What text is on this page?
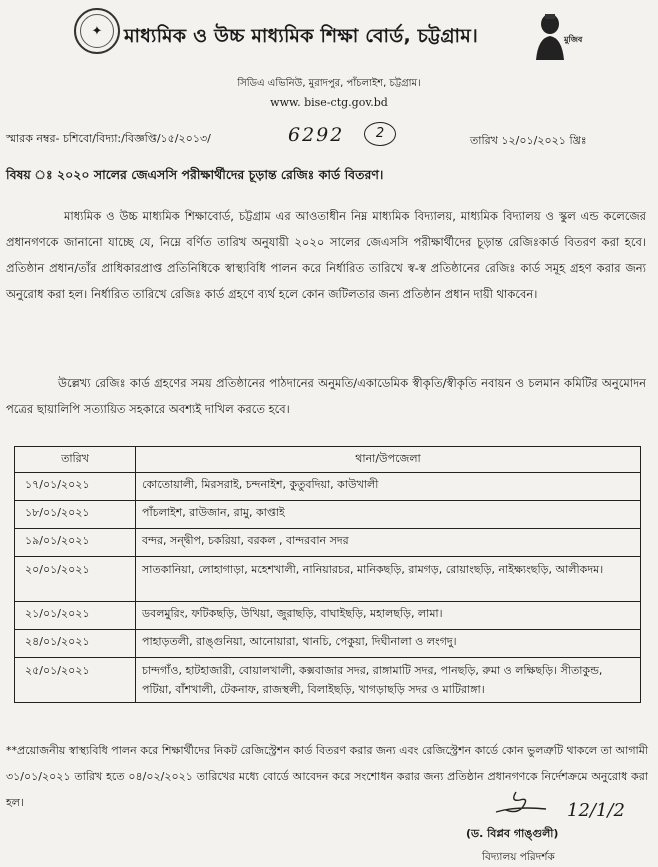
✦	মাধ্যমিক ও উচ্চ মাধ্যমিক শিক্ষা বোর্ড, চট্টগ্রাম।	মুজিব
সিডিএ এভিনিউ, মুরাদপুর, পাঁচলাইশ, চট্টগ্রাম।
www. bise-ctg.gov.bd
স্মারক নম্বর- চশিবো/বিদ্যা:/বিজ্ঞপ্তি/১৫/২০১৩/	6292	2	তারিখ ১২/০১/২০২১ খ্রিঃ
বিষয় ঃ ২০২০ সালের জেএসসি পরীক্ষার্থীদের চূড়ান্ত রেজিঃ কার্ড বিতরণ।
মাধ্যমিক ও উচ্চ মাধ্যমিক শিক্ষাবোর্ড, চট্টগ্রাম এর আওতাধীন নিম্ন মাধ্যমিক বিদ্যালয়, মাধ্যমিক বিদ্যালয় ও স্কুল এন্ড কলেজের প্রধানগণকে জানানো যাচ্ছে যে, নিম্নে বর্ণিত তারিখ অনুযায়ী ২০২০ সালের জেএসসি পরীক্ষার্থীদের চূড়ান্ত রেজিঃকার্ড বিতরণ করা হবে। প্রতিষ্ঠান প্রধান/তাঁর প্রাধিকারপ্রাপ্ত প্রতিনিধিকে স্বাস্থ্যবিধি পালন করে নির্ধারিত তারিখে স্ব-স্ব প্রতিষ্ঠানের রেজিঃ কার্ড সমূহ গ্রহণ করার জন্য অনুরোধ করা হল। নির্ধারিত তারিখে রেজিঃ কার্ড গ্রহণে ব্যর্থ হলে কোন জটিলতার জন্য প্রতিষ্ঠান প্রধান দায়ী থাকবেন।
উল্লেখ্য রেজিঃ কার্ড গ্রহণের সময় প্রতিষ্ঠানের পাঠদানের অনুমতি/একাডেমিক স্বীকৃতি/স্বীকৃতি নবায়ন ও চলমান কমিটির অনুমোদন পত্রের ছায়ালিপি সত্যায়িত সহকারে অবশ্যই দাখিল করতে হবে।
তারিখ	থানা/উপজেলা
১৭/০১/২০২১	কোতোয়ালী, মিরসরাই, চন্দনাইশ, কুতুবদিয়া, কাউখালী
১৮/০১/২০২১	পাঁচলাইশ, রাউজান, রামু, কাপ্তাই
১৯/০১/২০২১	বন্দর, সন্দ্বীপ, চকরিয়া, বরকল , বান্দরবান সদর
২০/০১/২০২১	সাতকানিয়া, লোহাগাড়া, মহেশখালী, নানিয়ারচর, মানিকছড়ি, রামগড়, রোয়াংছড়ি, নাইক্ষ্যংছড়ি, আলীকদম।
২১/০১/২০২১	ডবলমুরিং, ফটিকছড়ি, উখিয়া, জুরাছড়ি, বাঘাইছড়ি, মহালছড়ি, লামা।
২৪/০১/২০২১	পাহাড়তলী, রাঙ্গুনিয়া, আনোয়ারা, থানচি, পেকুয়া, দিঘীনালা ও লংগদু।
২৫/০১/২০২১	চান্দগাঁও, হাটহাজারী, বোয়ালখালী, কক্সবাজার সদর, রাঙ্গামাটি সদর, পানছড়ি, রুমা ও লক্ষিছড়ি। সীতাকুন্ড, পটিয়া, বাঁশখালী, টেকনাফ, রাজস্থলী, বিলাইছড়ি, খাগড়াছড়ি সদর ও মাটিরাঙ্গা।
**প্রয়োজনীয় স্বাস্থ্যবিধি পালন করে শিক্ষার্থীদের নিকট রেজিস্ট্রেশন কার্ড বিতরণ করার জন্য এবং রেজিস্ট্রেশন কার্ডে কোন ভুলত্রুটি থাকলে তা আগামী ৩১/০১/২০২১ তারিখ হতে ০৪/০২/২০২১ তারিখের মধ্যে বোর্ডে আবেদন করে সংশোধন করার জন্য প্রতিষ্ঠান প্রধানগণকে নির্দেশক্রমে অনুরোধ করা হল।	12/1/2
(ড. বিপ্লব গাঙ্গুলী)
বিদ্যালয় পরিদর্শক
